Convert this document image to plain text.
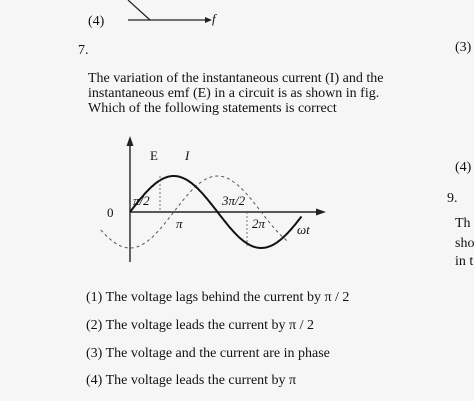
(4)	f
7.
The variation of the instantaneous current (I) and the
instantaneous emf (E) in a circuit is as shown in fig.
Which of the following statements is correct
E I
0
π/2
π
3π/2
2π ωt
(1) The voltage lags behind the current by π / 2
(2) The voltage leads the current by π / 2
(3) The voltage and the current are in phase
(4) The voltage leads the current by π
(3)
(4)
9.
Th
sho
in t
